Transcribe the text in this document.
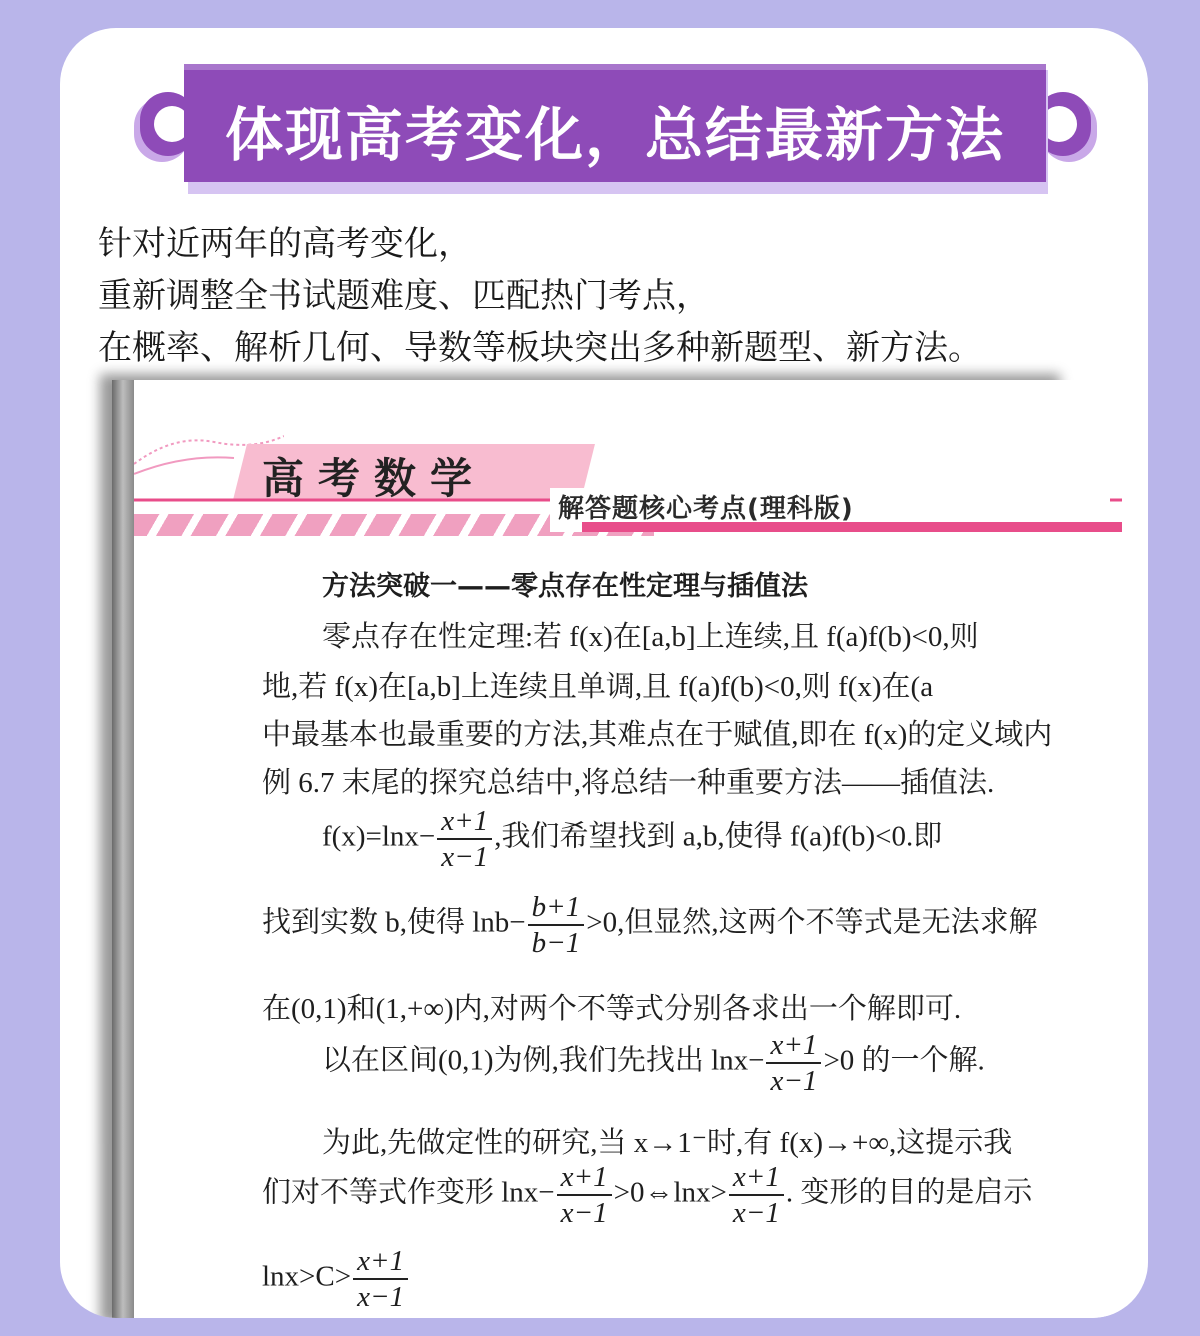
体现高考变化，总结最新方法
针对近两年的高考变化，
重新调整全书试题难度、匹配热门考点，
在概率、解析几何、导数等板块突出多种新题型、新方法。
高考数学
解答题核心考点(理科版)
方法突破一——零点存在性定理与插值法
零点存在性定理:若 f(x)在[a,b]上连续,且 f(a)f(b)<0,则
地,若 f(x)在[a,b]上连续且单调,且 f(a)f(b)<0,则 f(x)在(a
中最基本也最重要的方法,其难点在于赋值,即在 f(x)的定义域内
例 6.7 末尾的探究总结中,将总结一种重要方法——插值法.
$f(x)=\ln x- \frac{x+1}{x-1}$ ,我们希望找到 a,b,使得 f(a)f(b)<0.即
找到实数 b,使得 $\ln b- \frac{b+1}{b-1} >0$,但显然,这两个不等式是无法求解
在(0,1)和(1,+∞)内,对两个不等式分别各求出一个解即可.
以在区间(0,1)为例,我们先找出 $\ln x- \frac{x+1}{x-1} >0$ 的一个解.
为此,先做定性的研究,当 x→1⁻时,有 f(x)→+∞,这提示我
们对不等式作变形 $\ln x- \frac{x+1}{x-1}$ >0⇔lnx> $\frac{x+1}{x-1}$ . 变形的目的是启示
$\ln x>C> \frac{x+1}{x-1}$
